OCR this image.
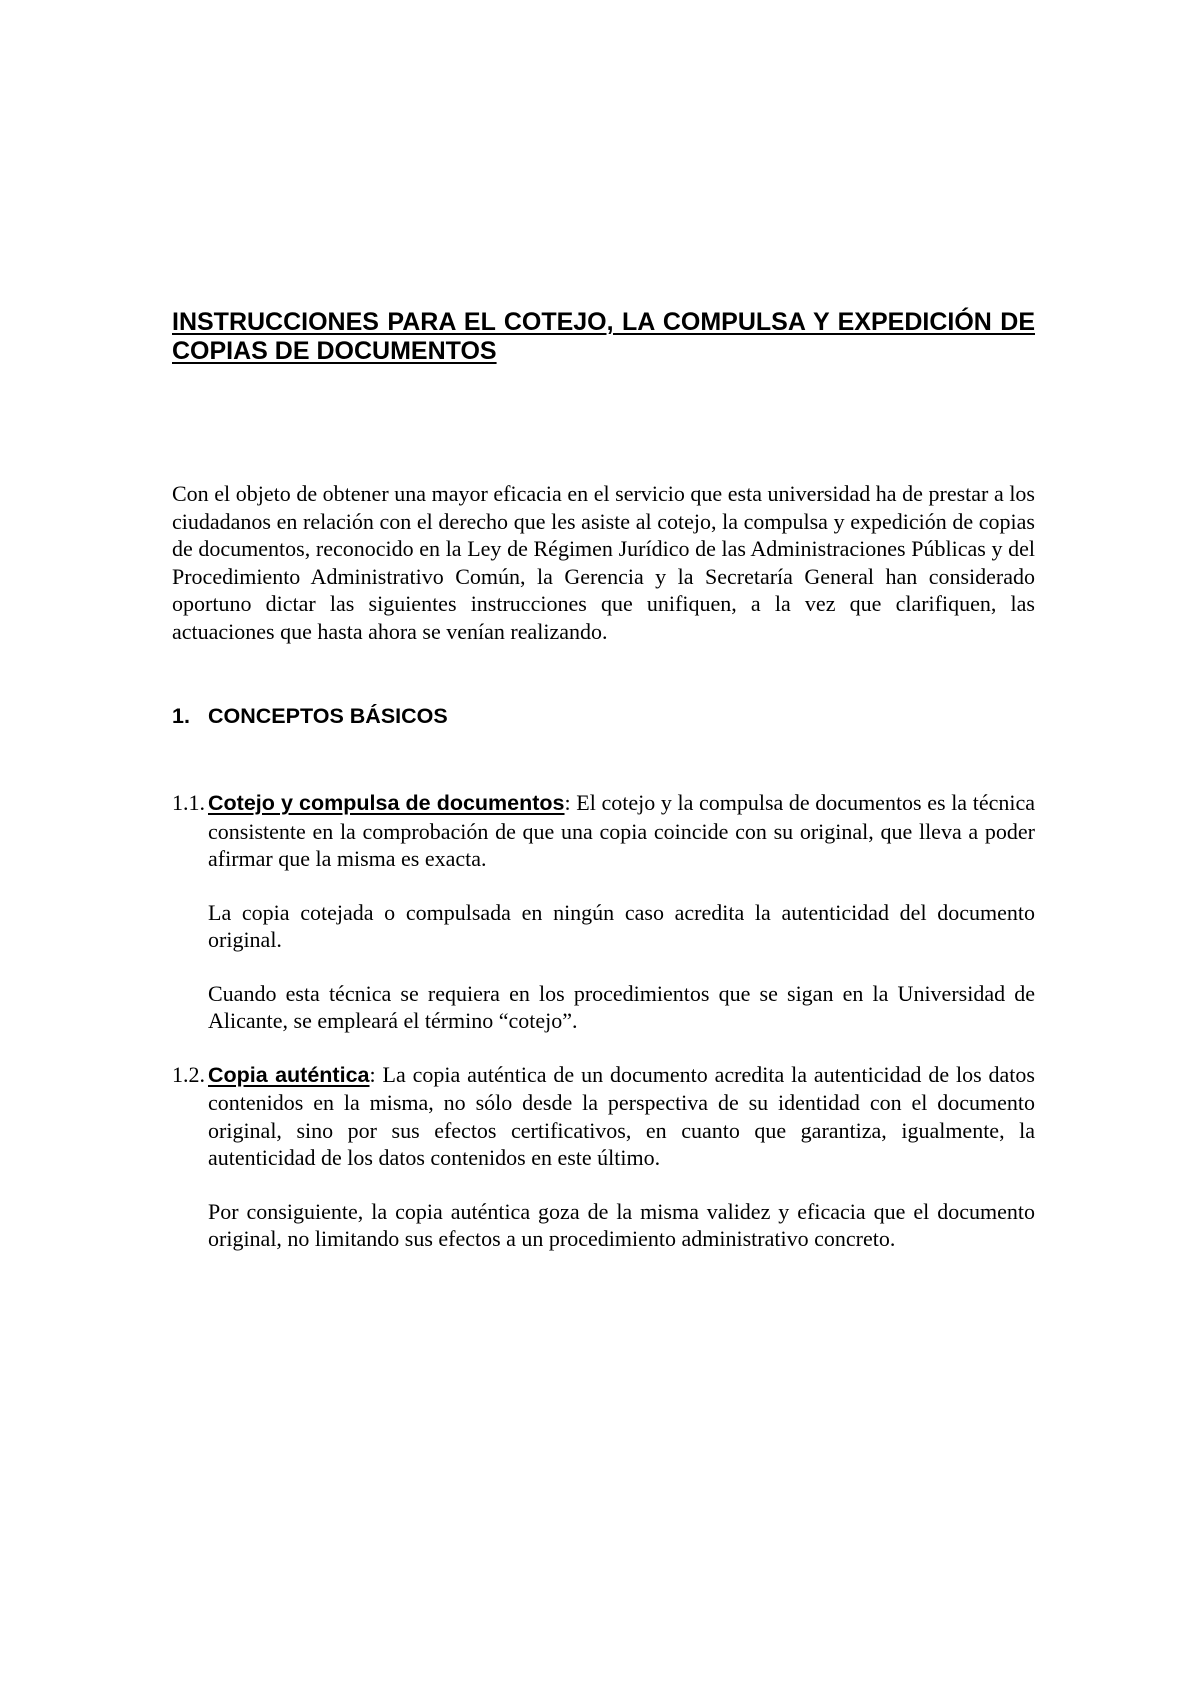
INSTRUCCIONES PARA EL COTEJO, LA COMPULSA Y EXPEDICIÓN DE COPIAS DE DOCUMENTOS

Con el objeto de obtener una mayor eficacia en el servicio que esta universidad ha de prestar a los ciudadanos en relación con el derecho que les asiste al cotejo, la compulsa y expedición de copias de documentos, reconocido en la Ley de Régimen Jurídico de las Administraciones Públicas y del Procedimiento Administrativo Común, la Gerencia y la Secretaría General han considerado oportuno dictar las siguientes instrucciones que unifiquen, a la vez que clarifiquen, las actuaciones que hasta ahora se venían realizando.

1. CONCEPTOS BÁSICOS
1.1. Cotejo y compulsa de documentos: El cotejo y la compulsa de documentos es la técnica consistente en la comprobación de que una copia coincide con su original, que lleva a poder afirmar que la misma es exacta.

La copia cotejada o compulsada en ningún caso acredita la autenticidad del documento original.

Cuando esta técnica se requiera en los procedimientos que se sigan en la Universidad de Alicante, se empleará el término “cotejo”.

1.2. Copia auténtica: La copia auténtica de un documento acredita la autenticidad de los datos contenidos en la misma, no sólo desde la perspectiva de su identidad con el documento original, sino por sus efectos certificativos, en cuanto que garantiza, igualmente, la autenticidad de los datos contenidos en este último.

Por consiguiente, la copia auténtica goza de la misma validez y eficacia que el documento original, no limitando sus efectos a un procedimiento administrativo concreto.
